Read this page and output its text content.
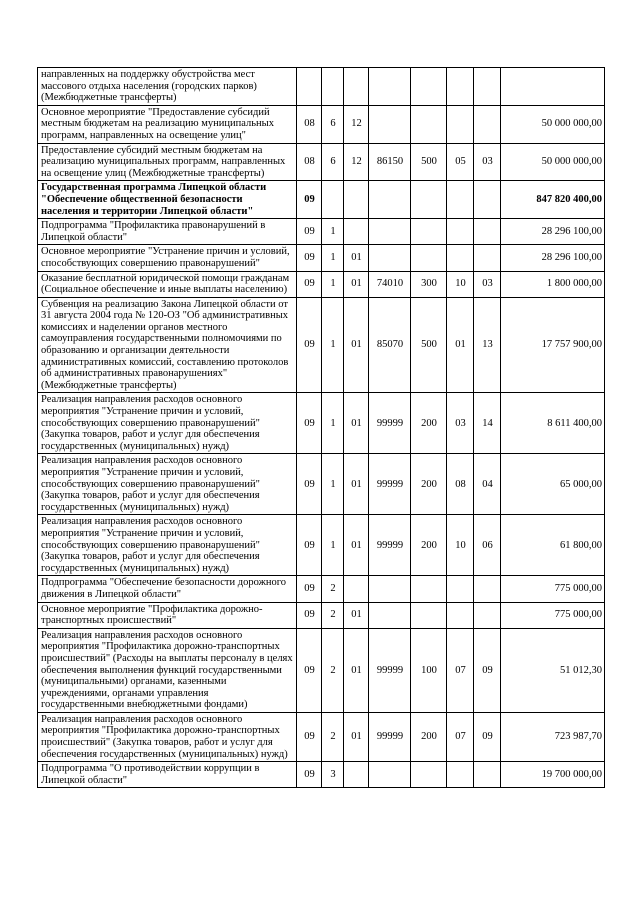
направленных на поддержку обустройства мест массового отдыха населения (городских парков) (Межбюджетные трансферты)								
Основное мероприятие "Предоставление субсидий местным бюджетам на реализацию муниципальных программ, направленных на освещение улиц"	08	6	12					50 000 000,00
Предоставление субсидий местным бюджетам на реализацию муниципальных программ, направленных на освещение улиц (Межбюджетные трансферты)	08	6	12	86150	500	05	03	50 000 000,00
Государственная программа Липецкой области "Обеспечение общественной безопасности населения и территории Липецкой области"	09							847 820 400,00
Подпрограмма "Профилактика правонарушений в Липецкой области"	09	1						28 296 100,00
Основное мероприятие "Устранение причин и условий, способствующих совершению правонарушений"	09	1	01					28 296 100,00
Оказание бесплатной юридической помощи гражданам (Социальное обеспечение и иные выплаты населению)	09	1	01	74010	300	10	03	1 800 000,00
Субвенция на реализацию Закона Липецкой области от 31 августа 2004 года № 120-ОЗ "Об административных комиссиях и наделении органов местного самоуправления государственными полномочиями по образованию и организации деятельности административных комиссий, составлению протоколов об административных правонарушениях" (Межбюджетные трансферты)	09	1	01	85070	500	01	13	17 757 900,00
Реализация направления расходов основного мероприятия "Устранение причин и условий, способствующих совершению правонарушений" (Закупка товаров, работ и услуг для обеспечения государственных (муниципальных) нужд)	09	1	01	99999	200	03	14	8 611 400,00
Реализация направления расходов основного мероприятия "Устранение причин и условий, способствующих совершению правонарушений" (Закупка товаров, работ и услуг для обеспечения государственных (муниципальных) нужд)	09	1	01	99999	200	08	04	65 000,00
Реализация направления расходов основного мероприятия "Устранение причин и условий, способствующих совершению правонарушений" (Закупка товаров, работ и услуг для обеспечения государственных (муниципальных) нужд)	09	1	01	99999	200	10	06	61 800,00
Подпрограмма "Обеспечение безопасности дорожного движения в Липецкой области"	09	2						775 000,00
Основное мероприятие "Профилактика дорожно-транспортных происшествий"	09	2	01					775 000,00
Реализация направления расходов основного мероприятия "Профилактика дорожно-транспортных происшествий" (Расходы на выплаты персоналу в целях обеспечения выполнения функций государственными (муниципальными) органами, казенными учреждениями, органами управления государственными внебюджетными фондами)	09	2	01	99999	100	07	09	51 012,30
Реализация направления расходов основного мероприятия "Профилактика дорожно-транспортных происшествий" (Закупка товаров, работ и услуг для обеспечения государственных (муниципальных) нужд)	09	2	01	99999	200	07	09	723 987,70
Подпрограмма "О противодействии коррупции в Липецкой области"	09	3						19 700 000,00
